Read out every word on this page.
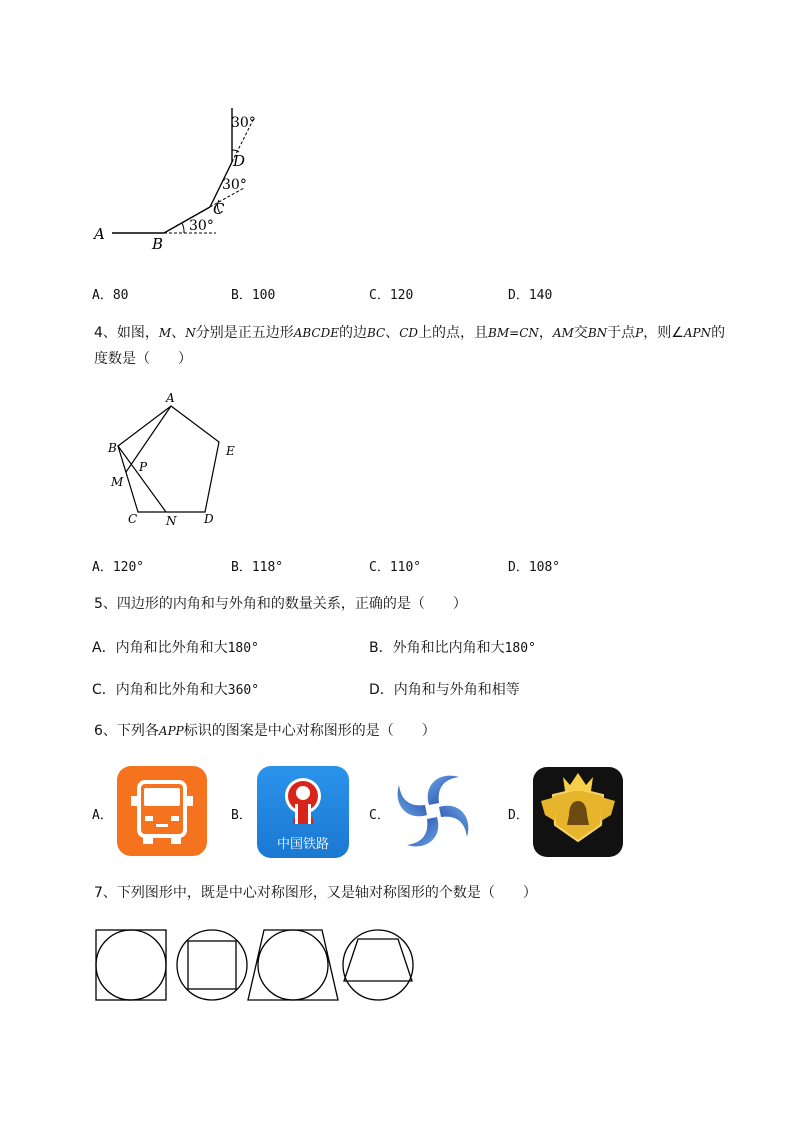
A
B
C
D
30°
30°
30°
A．80	B．100	C．120	D．140
4、如图，M、N分别是正五边形ABCDE的边BC、CD上的点，且BM=CN，AM交BN于点P，则∠APN的
度数是（　　）
A
B	E
P
M
C N D
A．120°	B．118°	C．110°	D．108°
5、四边形的内角和与外角和的数量关系，正确的是（　　）
A．内角和比外角和大180°	B．外角和比内角和大180°
C．内角和比外角和大360°	D．内角和与外角和相等
6、下列各APP标识的图案是中心对称图形的是（　　）
A．	B．	C．	D．
中国铁路
7、下列图形中，既是中心对称图形，又是轴对称图形的个数是（　　）
